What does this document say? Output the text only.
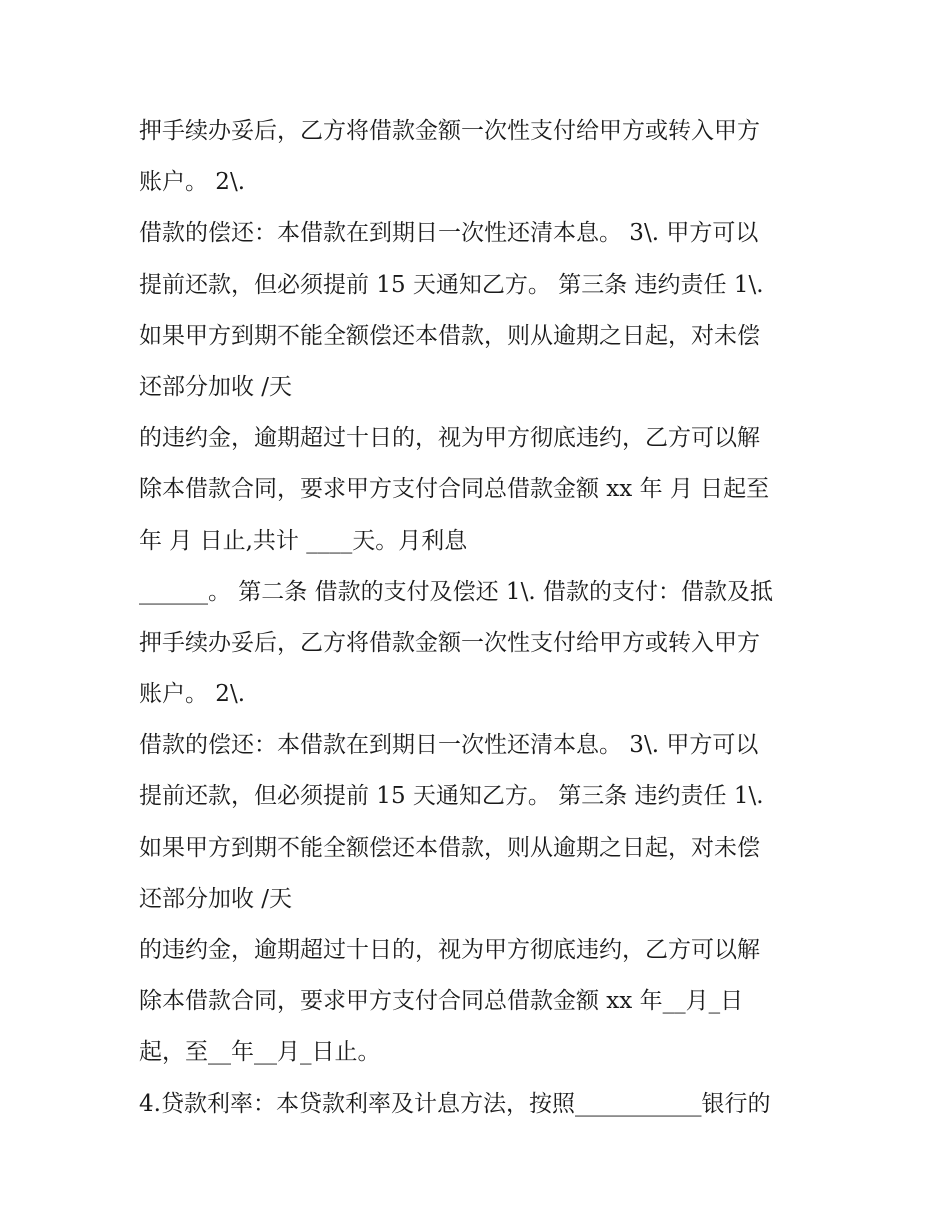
押手续办妥后，乙方将借款金额一次性支付给甲方或转入甲方
账户。 2\.
借款的偿还：本借款在到期日一次性还清本息。 3\. 甲方可以
提前还款，但必须提前 15 天通知乙方。 第三条 违约责任 1\.
如果甲方到期不能全额偿还本借款，则从逾期之日起，对未偿
还部分加收 /天
的违约金，逾期超过十日的，视为甲方彻底违约，乙方可以解
除本借款合同，要求甲方支付合同总借款金额 xx 年 月 日起至
年 月 日止,共计 ____天。月利息
______。 第二条 借款的支付及偿还 1\. 借款的支付：借款及抵
押手续办妥后，乙方将借款金额一次性支付给甲方或转入甲方
账户。 2\.
借款的偿还：本借款在到期日一次性还清本息。 3\. 甲方可以
提前还款，但必须提前 15 天通知乙方。 第三条 违约责任 1\.
如果甲方到期不能全额偿还本借款，则从逾期之日起，对未偿
还部分加收 /天
的违约金，逾期超过十日的，视为甲方彻底违约，乙方可以解
除本借款合同，要求甲方支付合同总借款金额 xx 年__月_日
起，至__年__月_日止。
4.贷款利率：本贷款利率及计息方法，按照___________银行的
